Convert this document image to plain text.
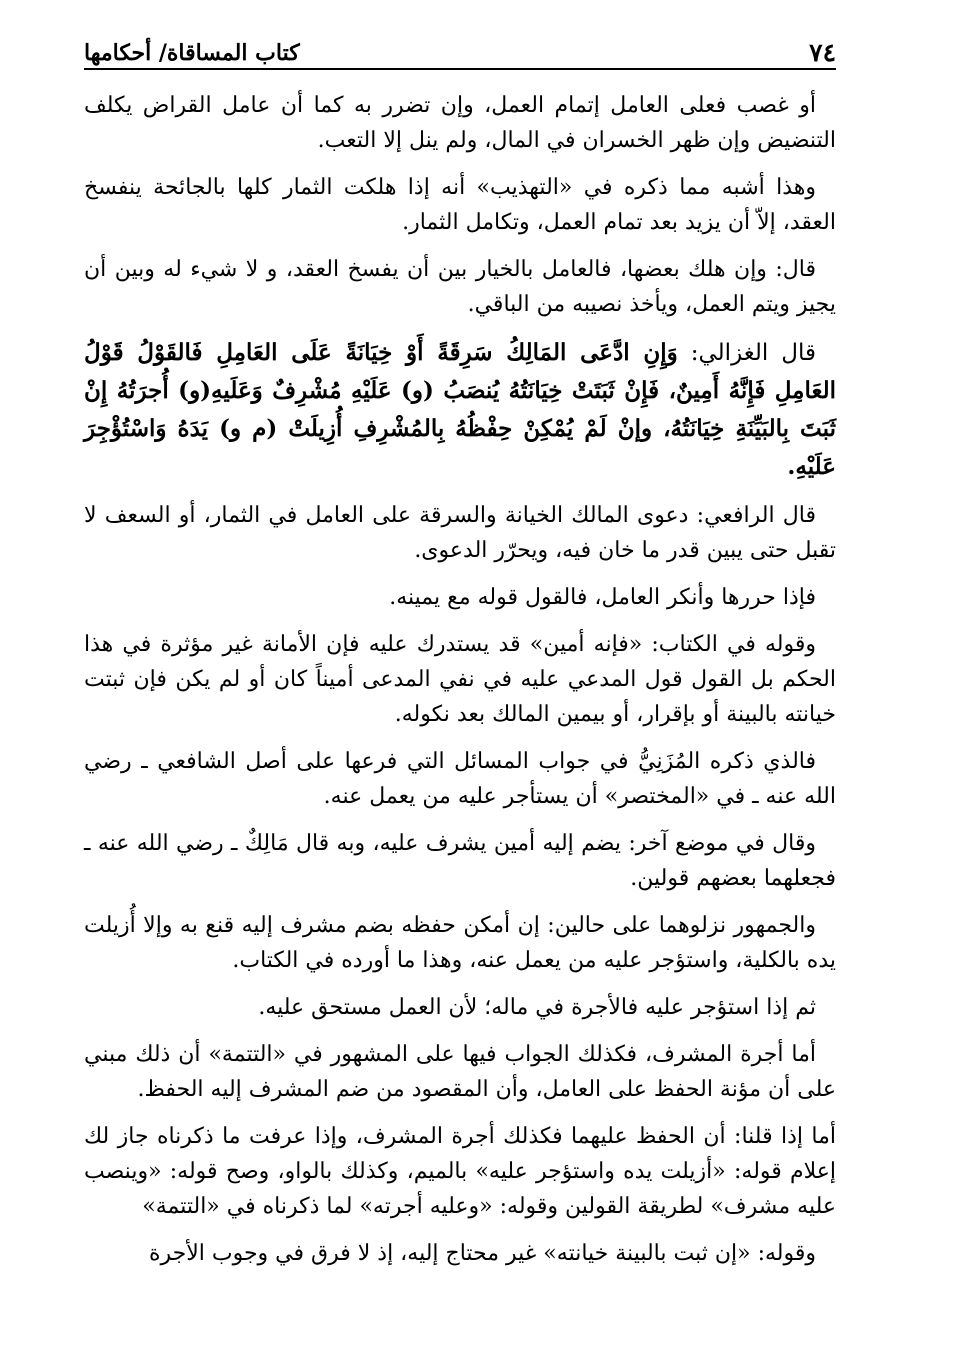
٧٤
كتاب المساقاة/ أحكامها

أو غصب فعلى العامل إتمام العمل، وإن تضرر به كما أن عامل القراض يكلف التنضيض وإن ظهر الخسران في المال، ولم ينل إلا التعب.

وهذا أشبه مما ذكره في «التهذيب» أنه إذا هلكت الثمار كلها بالجائحة ينفسخ العقد، إلاّ أن يزيد بعد تمام العمل، وتكامل الثمار.

قال: وإن هلك بعضها، فالعامل بالخيار بين أن يفسخ العقد، و لا شيء له وبين أن يجيز ويتم العمل، ويأخذ نصيبه من الباقي.

قال الغزالي: وَإِنِ ادَّعَى المَالِكُ سَرِقَةً أَوْ خِيَانَةً عَلَى العَامِلِ فَالقَوْلُ قَوْلُ العَامِلِ فَإِنَّهُ أَمِينٌ، فَإِنْ ثَبَتَتْ خِيَانَتُهُ يُنصَبُ (و) عَلَيْهِ مُشْرِفٌ وَعَلَيهِ(و) أُجرَتُهُ إِنْ ثَبَتَ بِالبَيِّنَةِ خِيَانَتُهُ، وإنْ لَمْ يُمْكِنْ حِفْظُهُ بِالمُشْرِفِ أُزِيلَتْ (م و) يَدَهُ وَاسْتُؤْجِرَ عَلَيْهِ.

قال الرافعي: دعوى المالك الخيانة والسرقة على العامل في الثمار، أو السعف لا تقبل حتى يبين قدر ما خان فيه، ويحرّر الدعوى.

فإذا حررها وأنكر العامل، فالقول قوله مع يمينه.

وقوله في الكتاب: «فإنه أمين» قد يستدرك عليه فإن الأمانة غير مؤثرة في هذا الحكم بل القول قول المدعي عليه في نفي المدعى أميناً كان أو لم يكن فإن ثبتت خيانته بالبينة أو بإقرار، أو بيمين المالك بعد نكوله.

فالذي ذكره المُزَنِيُّ في جواب المسائل التي فرعها على أصل الشافعي ـ رضي الله عنه ـ في «المختصر» أن يستأجر عليه من يعمل عنه.

وقال في موضع آخر: يضم إليه أمين يشرف عليه، وبه قال مَالِكٌ ـ رضي الله عنه ـ فجعلهما بعضهم قولين.

والجمهور نزلوهما على حالين: إن أمكن حفظه بضم مشرف إليه قنع به وإلا أُزيلت يده بالكلية، واستؤجر عليه من يعمل عنه، وهذا ما أورده في الكتاب.

ثم إذا استؤجر عليه فالأجرة في ماله؛ لأن العمل مستحق عليه.

أما أجرة المشرف، فكذلك الجواب فيها على المشهور في «التتمة» أن ذلك مبني على أن مؤنة الحفظ على العامل، وأن المقصود من ضم المشرف إليه الحفظ.

أما إذا قلنا: أن الحفظ عليهما فكذلك أجرة المشرف، وإذا عرفت ما ذكرناه جاز لك إعلام قوله: «أزيلت يده واستؤجر عليه» بالميم، وكذلك بالواو، وصح قوله: «وينصب عليه مشرف» لطريقة القولين وقوله: «وعليه أجرته» لما ذكرناه في «التتمة»

وقوله: «إن ثبت بالبينة خيانته» غير محتاج إليه، إذ لا فرق في وجوب الأجرة
